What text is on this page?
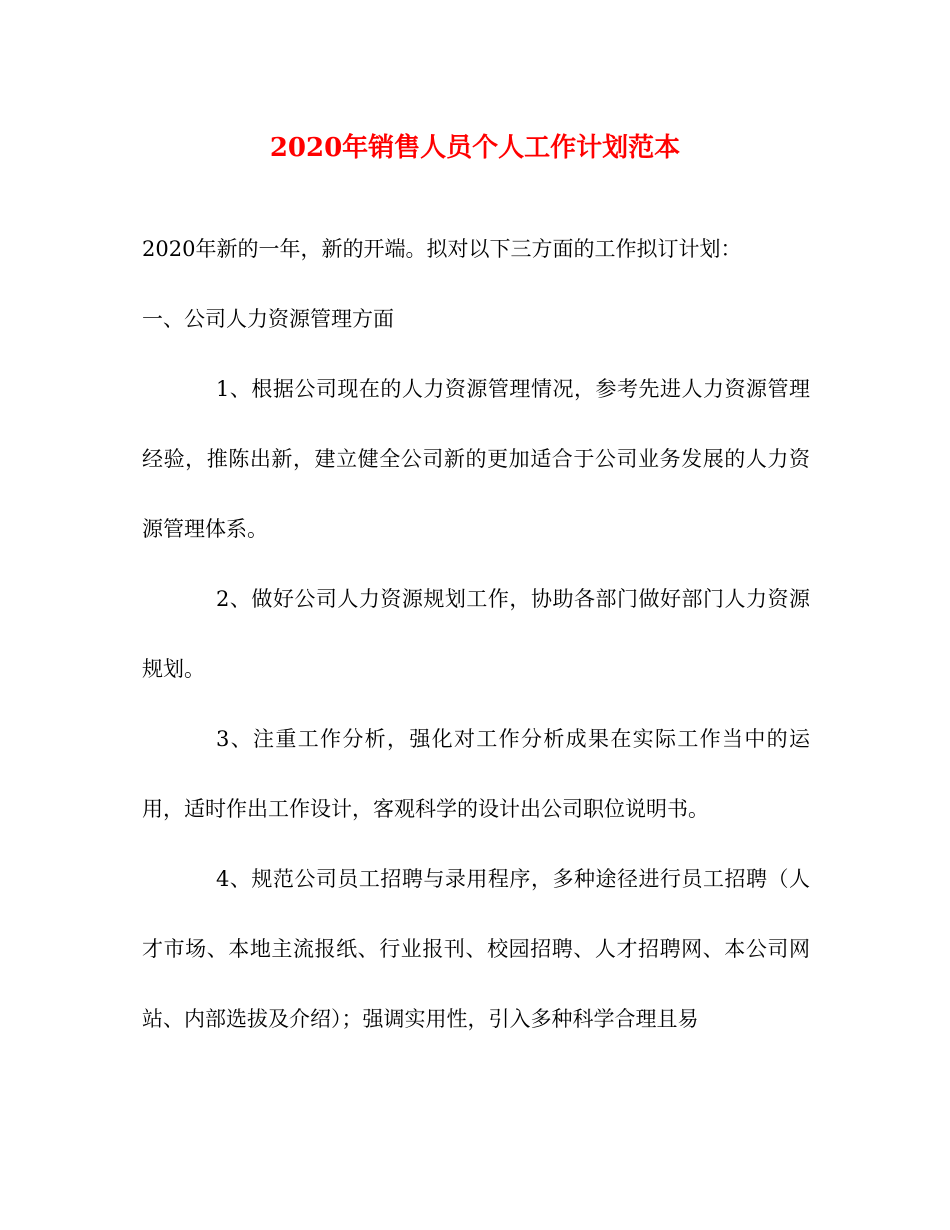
2020年销售人员个人工作计划范本

2020年新的一年，新的开端。拟对以下三方面的工作拟订计划：

一、公司人力资源管理方面

1、根据公司现在的人力资源管理情况，参考先进人力资源管理经验，推陈出新，建立健全公司新的更加适合于公司业务发展的人力资源管理体系。

2、做好公司人力资源规划工作，协助各部门做好部门人力资源规划。

3、注重工作分析，强化对工作分析成果在实际工作当中的运用，适时作出工作设计，客观科学的设计出公司职位说明书。

4、规范公司员工招聘与录用程序，多种途径进行员工招聘（人才市场、本地主流报纸、行业报刊、校园招聘、人才招聘网、本公司网站、内部选拔及介绍）；强调实用性，引入多种科学合理且易
